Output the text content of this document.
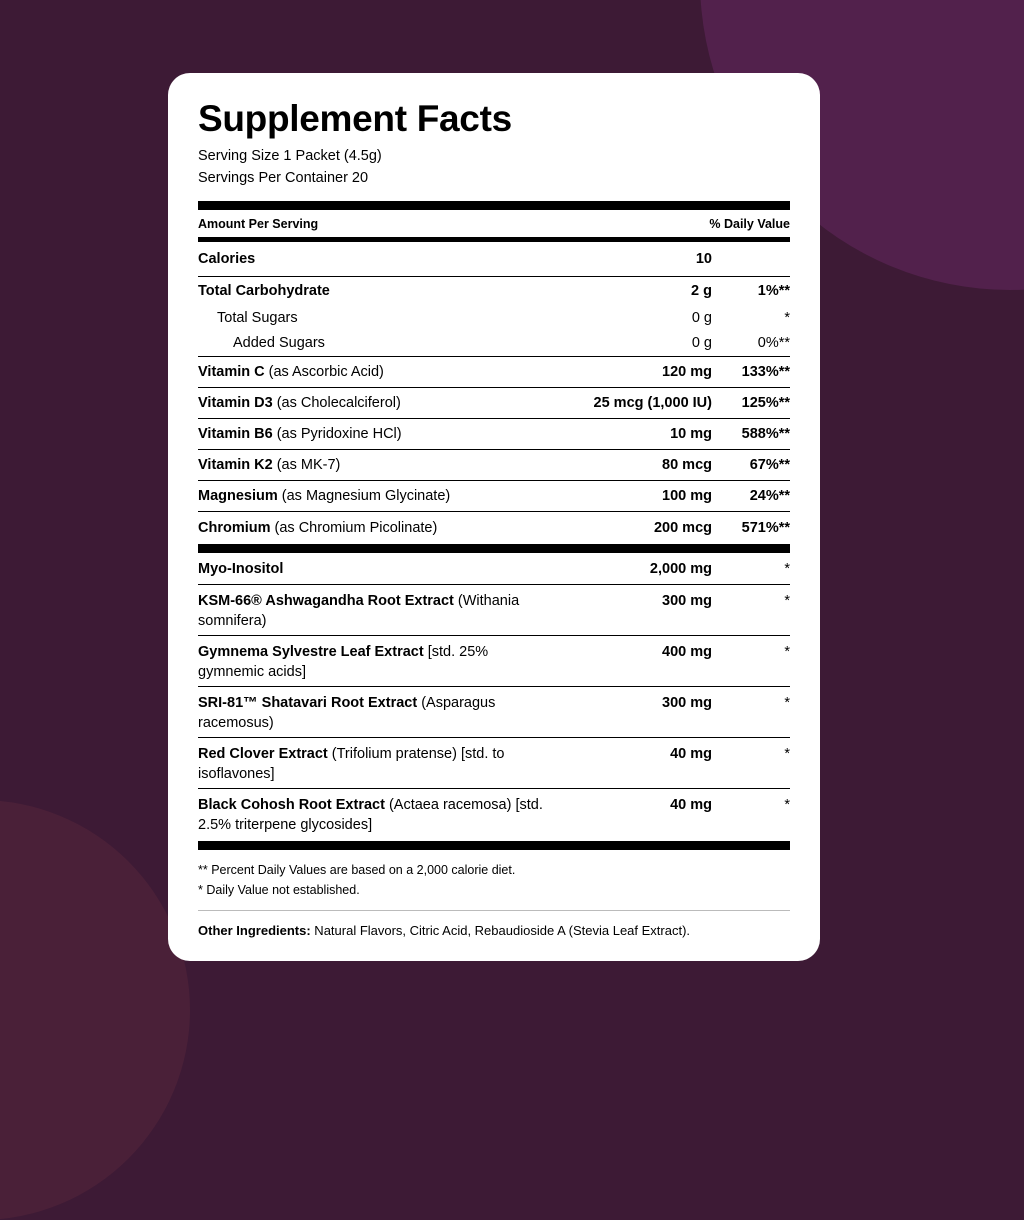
Supplement Facts
Serving Size 1 Packet (4.5g)
Servings Per Container 20
Amount Per Serving	% Daily Value
Calories	10
Total Carbohydrate	2 g	1%**
Total Sugars	0 g	*
Added Sugars	0 g	0%**
Vitamin C (as Ascorbic Acid)	120 mg	133%**
Vitamin D3 (as Cholecalciferol)	25 mcg (1,000 IU)	125%**
Vitamin B6 (as Pyridoxine HCl)	10 mg	588%**
Vitamin K2 (as MK-7)	80 mcg	67%**
Magnesium (as Magnesium Glycinate)	100 mg	24%**
Chromium (as Chromium Picolinate)	200 mcg	571%**
Myo-Inositol	2,000 mg	*
KSM-66® Ashwagandha Root Extract (Withania
somnifera)
300 mg	*
Gymnema Sylvestre Leaf Extract [std. 25%
gymnemic acids]
400 mg	*
SRI-81™ Shatavari Root Extract (Asparagus
racemosus)
300 mg	*
Red Clover Extract (Trifolium pratense) [std. to
isoflavones]
40 mg	*
Black Cohosh Root Extract (Actaea racemosa) [std.
2.5% triterpene glycosides]
40 mg	*
** Percent Daily Values are based on a 2,000 calorie diet.
* Daily Value not established.
Other Ingredients: Natural Flavors, Citric Acid, Rebaudioside A (Stevia Leaf Extract).
